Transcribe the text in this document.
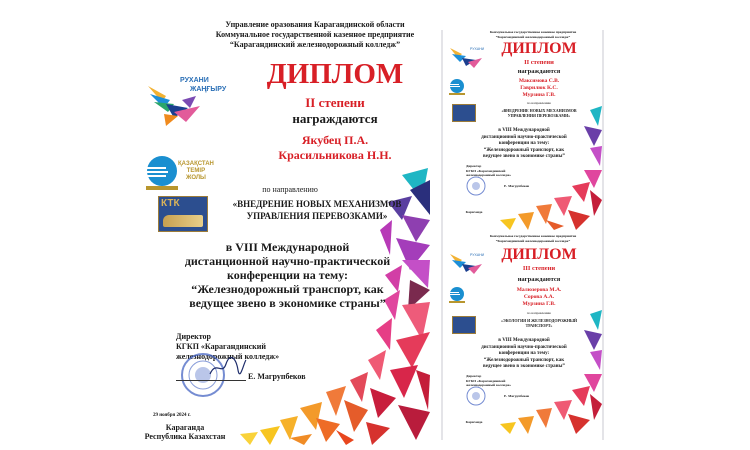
Управление оразования Карагандинской области
Коммунальное государственной казенное предприятие
“Карагандинский железнодорожный колледж”
РУХАНИ
ЖАҢҒЫРУ
ҚАЗАҚСТАН
ТЕМІР
ЖОЛЫ
КТК
ДИПЛОМ
II степени
награждаются
Якубец П.А.
Красильникова Н.Н.
по направлению
«ВНЕДРЕНИЕ НОВЫХ МЕХАНИЗМОВ
УПРАВЛЕНИЯ ПЕРЕВОЗКАМИ»
в VIII Международной
дистанционной научно-практической
конференции на тему:
“Железнодорожный транспорт, как
ведущее звено в экономике страны”
Директор
КГКП «Карагандинский
железнодорожный колледж»
Е. Магрупбеков
29 ноября 2024 г.
Караганда
Республика Казахстан
Коммунальное государственное казенное предприятие
“Карагандинский железнодорожный колледж”
РУХАНИ	ДИПЛОМ
II степени
награждаются
Максимова С.В.
Гаврилюк К.С.
Мурзина Г.В.
по направлению
«ВНЕДРЕНИЕ НОВЫХ МЕХАНИЗМОВ
УПРАВЛЕНИЯ ПЕРЕВОЗКАМИ»
в VIII Международной
дистанционной научно-практической
конференции на тему:
“Железнодорожный транспорт, как
ведущее звено в экономике страны”
Директор
КГКП «Карагандинский
железнодорожный колледж»
Е. Магрупбеков
Караганда
Коммунальное государственное казенное предприятие
“Карагандинский железнодорожный колледж”
РУХАНИ	ДИПЛОМ
III степени
награждаются
Малюзерова М.А.
Сорова А.А.
Мурзина Г.В.
по направлению
«ЭКОЛОГИЯ И ЖЕЛЕЗНОДОРОЖНЫЙ
ТРАНСПОРТ»
в VIII Международной
дистанционной научно-практической
конференции на тему:
“Железнодорожный транспорт, как
ведущее звено в экономике страны”
Директор
КГКП «Карагандинский
железнодорожный колледж»
Е. Магрупбеков
Караганда
